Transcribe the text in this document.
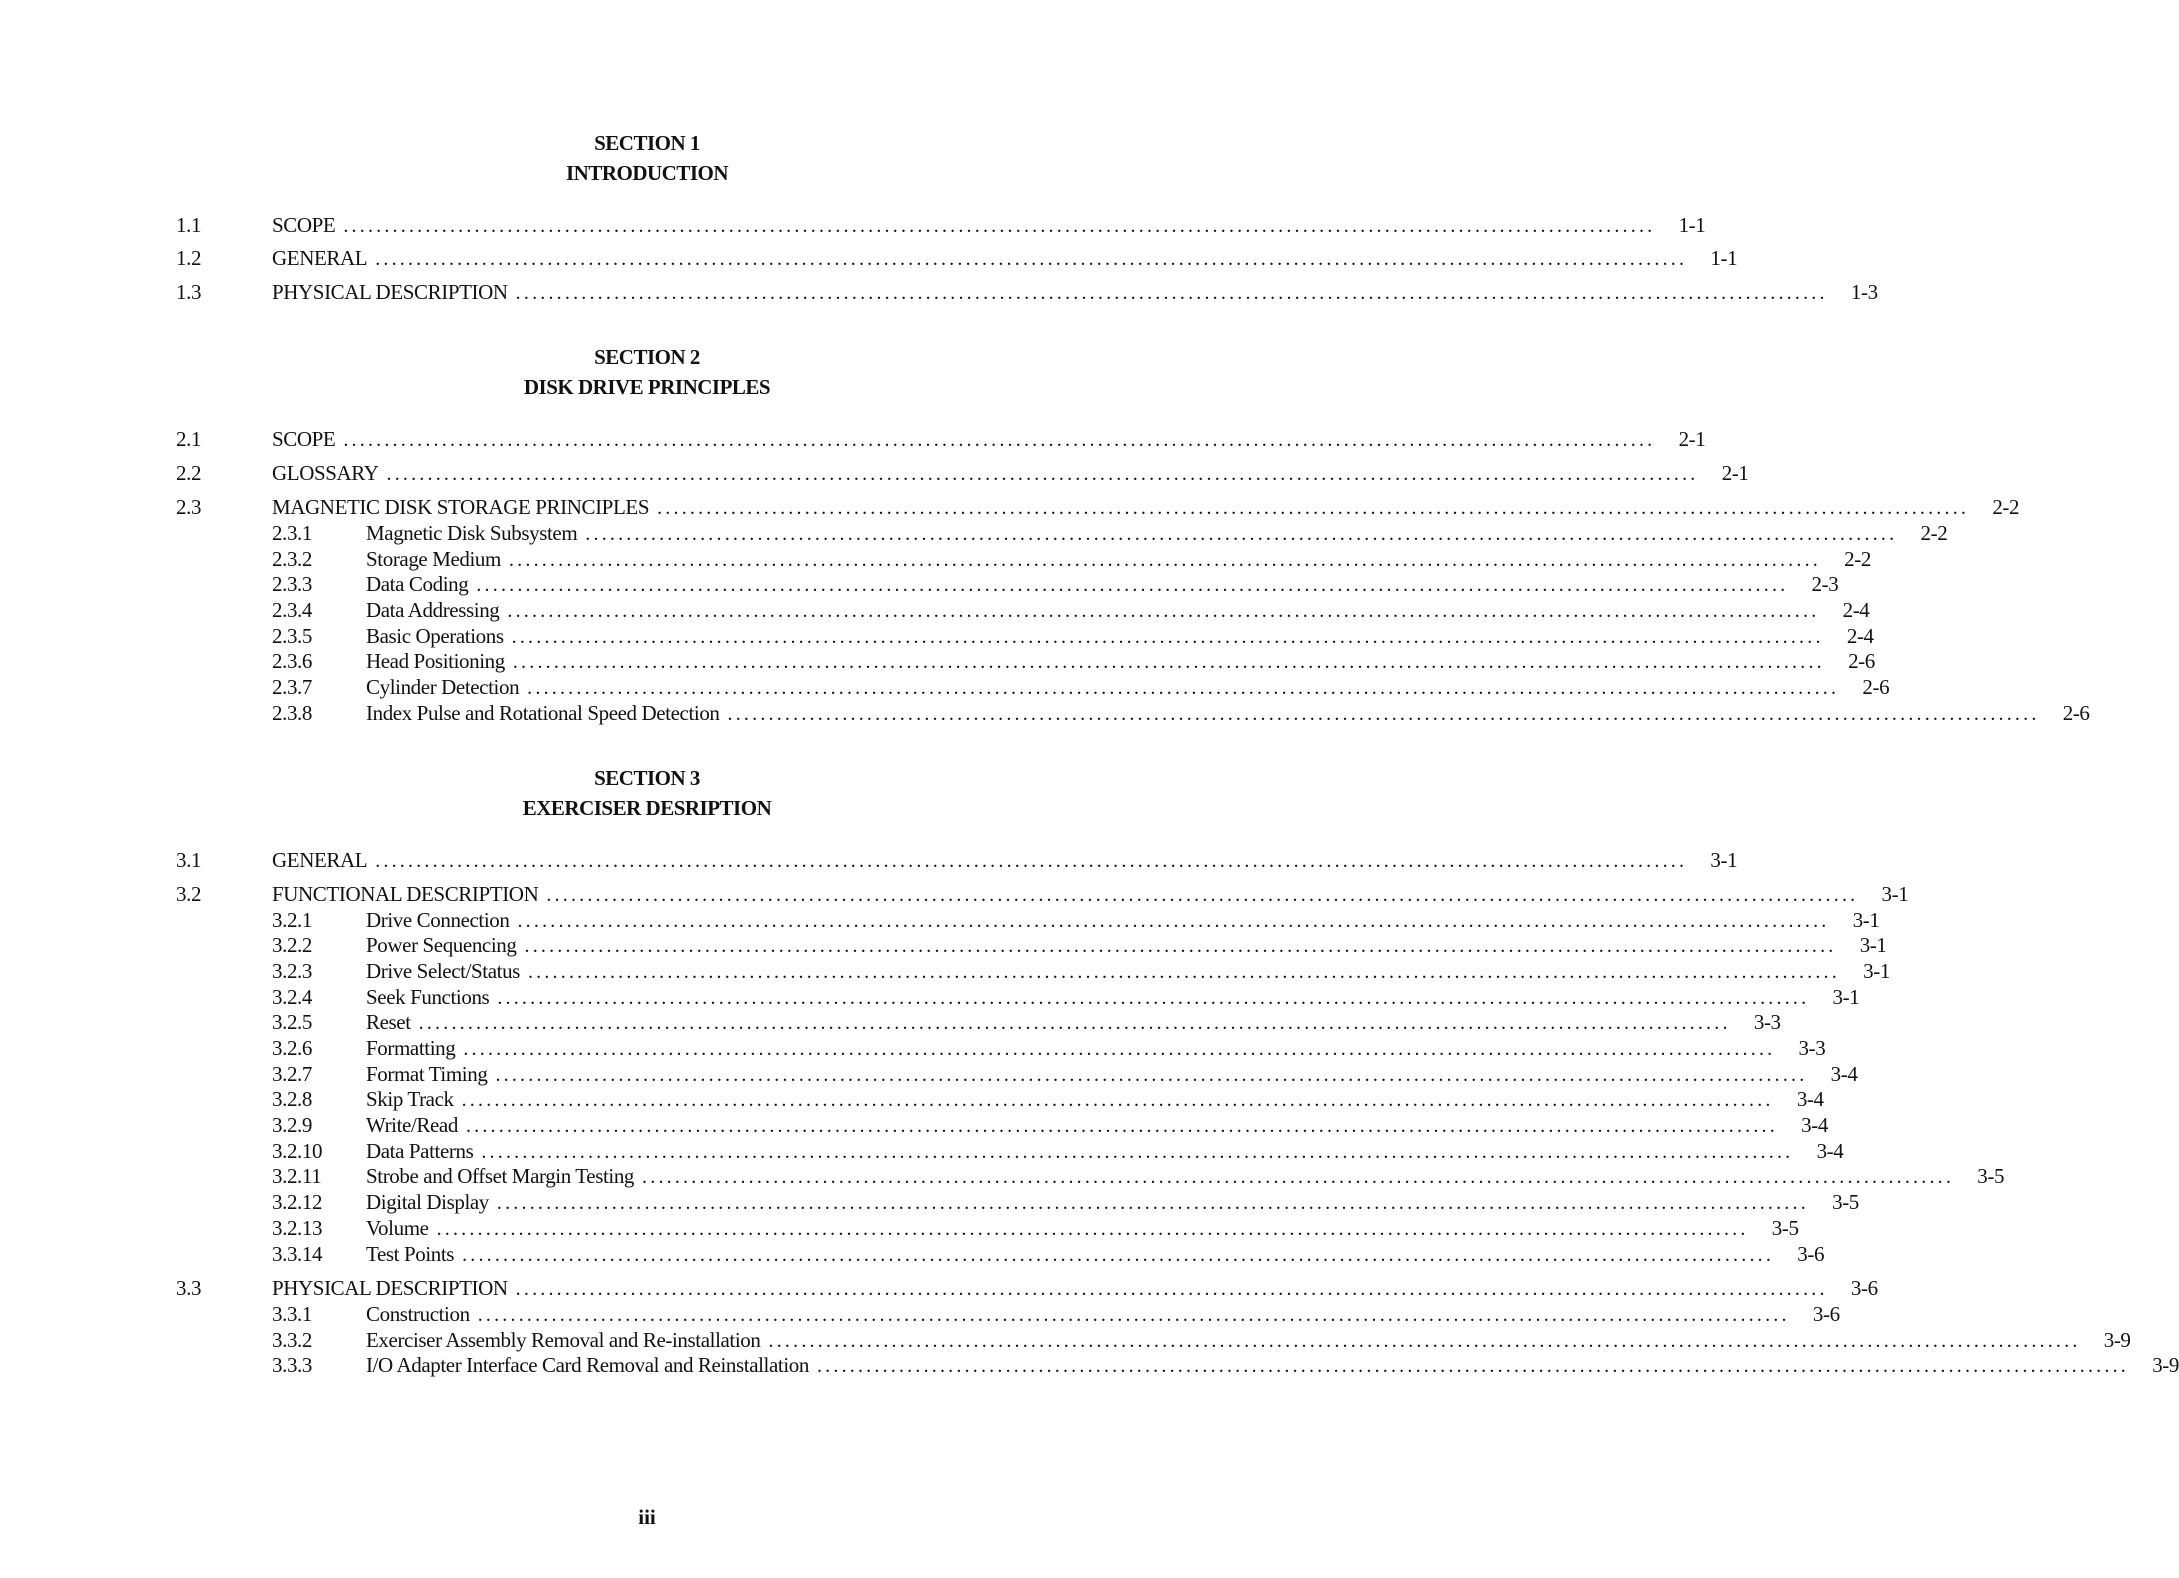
SECTION 1
INTRODUCTION
SECTION 2
DISK DRIVE PRINCIPLES
SECTION 3
EXERCISER DESRIPTION
1.1	SCOPE ................................................................................................................................................................	1-1
1.2	GENERAL ................................................................................................................................................................	1-1
1.3	PHYSICAL DESCRIPTION ................................................................................................................................................................	1-3
2.1	SCOPE ................................................................................................................................................................	2-1
2.2	GLOSSARY ................................................................................................................................................................	2-1
2.3	MAGNETIC DISK STORAGE PRINCIPLES ................................................................................................................................................................	2-2
2.3.1	Magnetic Disk Subsystem ................................................................................................................................................................	2-2
2.3.2	Storage Medium ................................................................................................................................................................	2-2
2.3.3	Data Coding ................................................................................................................................................................	2-3
2.3.4	Data Addressing ................................................................................................................................................................	2-4
2.3.5	Basic Operations ................................................................................................................................................................	2-4
2.3.6	Head Positioning ................................................................................................................................................................	2-6
2.3.7	Cylinder Detection ................................................................................................................................................................	2-6
2.3.8	Index Pulse and Rotational Speed Detection ................................................................................................................................................................	2-6
3.1	GENERAL ................................................................................................................................................................	3-1
3.2	FUNCTIONAL DESCRIPTION ................................................................................................................................................................	3-1
3.2.1	Drive Connection ................................................................................................................................................................	3-1
3.2.2	Power Sequencing ................................................................................................................................................................	3-1
3.2.3	Drive Select/Status ................................................................................................................................................................	3-1
3.2.4	Seek Functions ................................................................................................................................................................	3-1
3.2.5	Reset ................................................................................................................................................................	3-3
3.2.6	Formatting ................................................................................................................................................................	3-3
3.2.7	Format Timing ................................................................................................................................................................	3-4
3.2.8	Skip Track ................................................................................................................................................................	3-4
3.2.9	Write/Read ................................................................................................................................................................	3-4
3.2.10 Data Patterns ................................................................................................................................................................	3-4
3.2.11 Strobe and Offset Margin Testing ................................................................................................................................................................	3-5
3.2.12 Digital Display ................................................................................................................................................................	3-5
3.2.13 Volume ................................................................................................................................................................	3-5
3.3.14 Test Points ................................................................................................................................................................	3-6
3.3	PHYSICAL DESCRIPTION ................................................................................................................................................................	3-6
3.3.1	Construction ................................................................................................................................................................	3-6
3.3.2	Exerciser Assembly Removal and Re-installation ................................................................................................................................................................	3-9
3.3.3	I/O Adapter Interface Card Removal and Reinstallation ................................................................................................................................................................	3-9
iii
